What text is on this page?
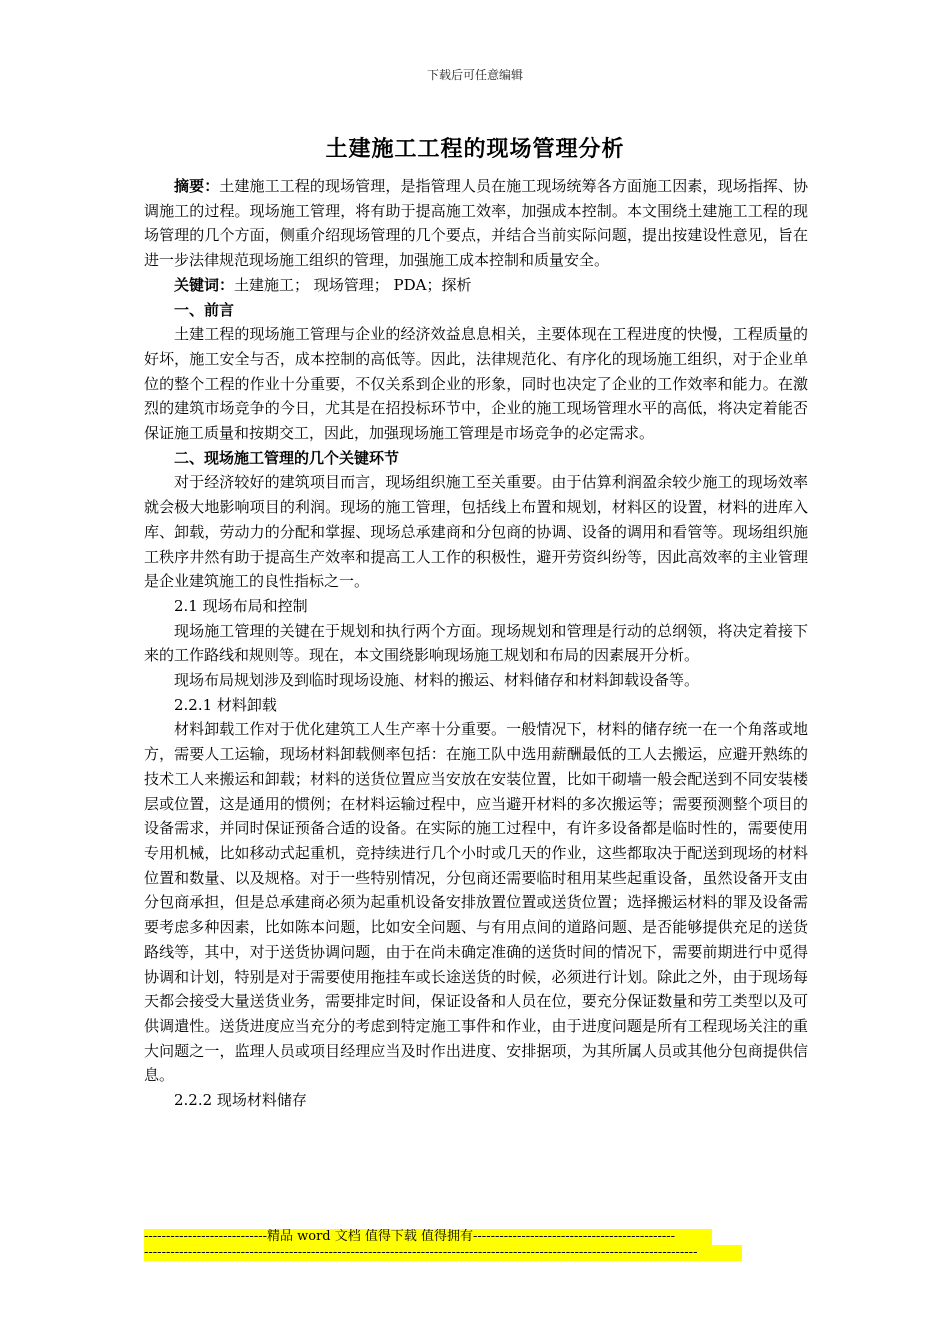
下载后可任意编辑
土建施工工程的现场管理分析

摘要：土建施工工程的现场管理，是指管理人员在施工现场统筹各方面施工因素，现场指挥、协调施工的过程。现场施工管理，将有助于提高施工效率，加强成本控制。本文围绕土建施工工程的现场管理的几个方面，侧重介绍现场管理的几个要点，并结合当前实际问题，提出按建设性意见，旨在进一步法律规范现场施工组织的管理，加强施工成本控制和质量安全。

关键词：土建施工； 现场管理； PDA；探析

一、前言

土建工程的现场施工管理与企业的经济效益息息相关，主要体现在工程进度的快慢，工程质量的好坏，施工安全与否，成本控制的高低等。因此，法律规范化、有序化的现场施工组织，对于企业单位的整个工程的作业十分重要，不仅关系到企业的形象，同时也决定了企业的工作效率和能力。在激烈的建筑市场竞争的今日，尤其是在招投标环节中，企业的施工现场管理水平的高低，将决定着能否保证施工质量和按期交工，因此，加强现场施工管理是市场竞争的必定需求。

二、现场施工管理的几个关键环节

对于经济较好的建筑项目而言，现场组织施工至关重要。由于估算利润盈余较少施工的现场效率就会极大地影响项目的利润。现场的施工管理，包括线上布置和规划，材料区的设置，材料的进库入库、卸载，劳动力的分配和掌握、现场总承建商和分包商的协调、设备的调用和看管等。现场组织施工秩序井然有助于提高生产效率和提高工人工作的积极性，避开劳资纠纷等，因此高效率的主业管理是企业建筑施工的良性指标之一。

2.1 现场布局和控制

现场施工管理的关键在于规划和执行两个方面。现场规划和管理是行动的总纲领，将决定着接下来的工作路线和规则等。现在，本文围绕影响现场施工规划和布局的因素展开分析。

现场布局规划涉及到临时现场设施、材料的搬运、材料储存和材料卸载设备等。

2.2.1 材料卸载

材料卸载工作对于优化建筑工人生产率十分重要。一般情况下，材料的储存统一在一个角落或地方，需要人工运输，现场材料卸载侧率包括：在施工队中选用薪酬最低的工人去搬运，应避开熟练的技术工人来搬运和卸载；材料的送货位置应当安放在安装位置，比如干砌墙一般会配送到不同安装楼层或位置，这是通用的惯例；在材料运输过程中，应当避开材料的多次搬运等；需要预测整个项目的设备需求，并同时保证预备合适的设备。在实际的施工过程中，有许多设备都是临时性的，需要使用专用机械，比如移动式起重机，竞持续进行几个小时或几天的作业，这些都取决于配送到现场的材料位置和数量、以及规格。对于一些特别情况，分包商还需要临时租用某些起重设备，虽然设备开支由分包商承担，但是总承建商必须为起重机设备安排放置位置或送货位置；选择搬运材料的罪及设备需要考虑多种因素，比如陈本问题，比如安全问题、与有用点间的道路问题、是否能够提供充足的送货路线等，其中，对于送货协调问题，由于在尚未确定准确的送货时间的情况下，需要前期进行中觅得协调和计划，特别是对于需要使用拖挂车或长途送货的时候，必须进行计划。除此之外，由于现场每天都会接受大量送货业务，需要排定时间，保证设备和人员在位，要充分保证数量和劳工类型以及可供调遣性。送货进度应当充分的考虑到特定施工事件和作业，由于进度问题是所有工程现场关注的重大问题之一，监理人员或项目经理应当及时作出进度、安排据项，为其所属人员或其他分包商提供信息。

2.2.2 现场材料储存

----------------------------精品 word 文档 值得下载 值得拥有----------------------------------------------
------------------------------------------------------------------------------------------------------------------------------
